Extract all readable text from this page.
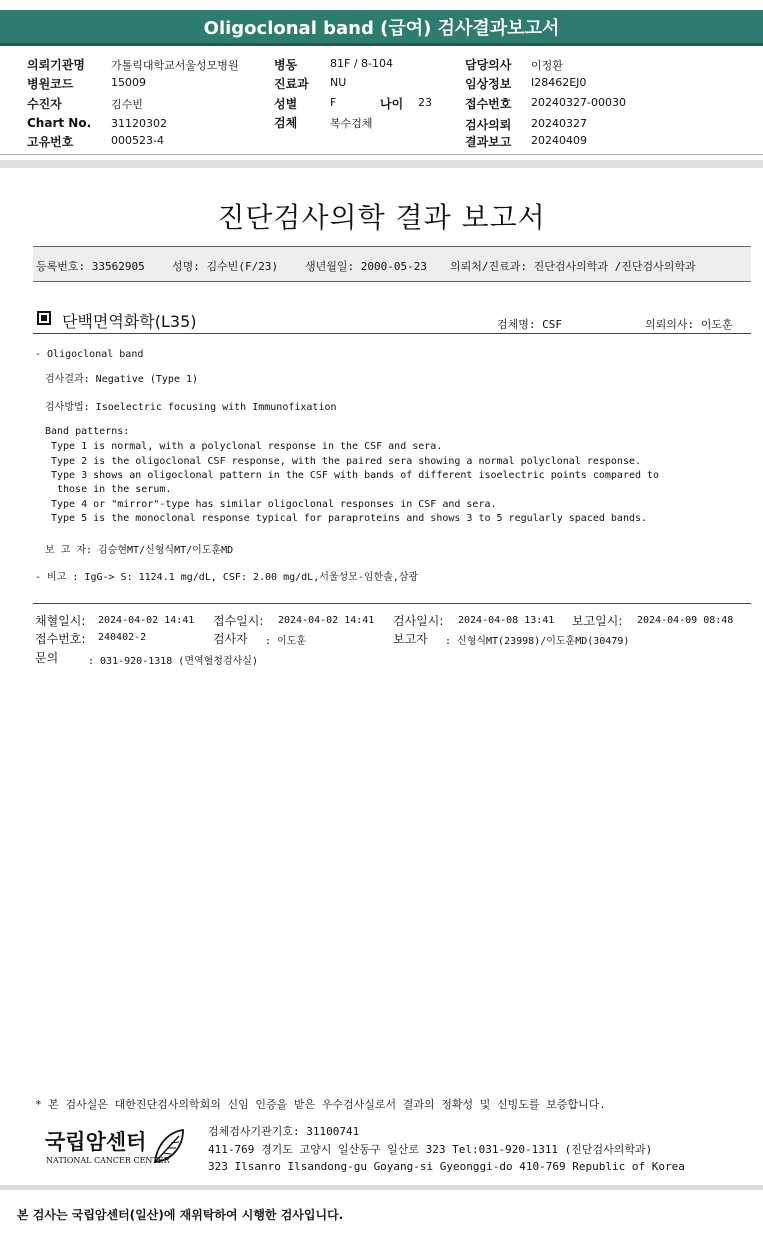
Oligoclonal band (급여) 검사결과보고서
의뢰기관명 가톨릭대학교서울성모병원	병동	81F / 8-104	담당의사 이정환
병원코드	15009	진료과 NU	임상정보 I28462EJ0
수진자	김수빈	성별	F	나이 23	접수번호 20240327-00030
Chart No. 31120302	검체	복수검체	검사의뢰 20240327
고유번호	000523-4	결과보고 20240409
진단검사의학 결과 보고서
등록번호: 33562905 성명: 김수빈(F/23) 생년월일: 2000-05-23 의뢰처/진료과: 진단검사의학과 /진단검사의학과
단백면역화학(L35)	검체명: CSF	의뢰의사: 이도훈
- Oligoclonal band
검사결과: Negative (Type 1)
검사방법: Isoelectric focusing with Immunofixation
Band patterns:
Type 1 is normal, with a polyclonal response in the CSF and sera.
Type 2 is the oligoclonal CSF response, with the paired sera showing a normal polyclonal response.
Type 3 shows an oligoclonal pattern in the CSF with bands of different isoelectric points compared to
those in the serum.
Type 4 or "mirror"-type has similar oligoclonal responses in CSF and sera.
Type 5 is the monoclonal response typical for paraproteins and shows 3 to 5 regularly spaced bands.
보 고 자: 김승현MT/신형식MT/이도훈MD
- 비고 : IgG-> S: 1124.1 mg/dL, CSF: 2.00 mg/dL,서울성모-임한솔,삼광
채혈일시: 2024-04-02 14:41 접수일시: 2024-04-02 14:41 검사일시: 2024-04-08 13:41 보고일시: 2024-04-09 08:48
접수번호: 240402-2	검사자 : 이도훈	보고자 : 신형식MT(23998)/이도훈MD(30479)
문의	: 031-920-1318 (면역혈청검사실)
* 본 검사실은 대한진단검사의학회의 신임 인증을 받은 우수검사실로서 결과의 정확성 및 신빙도를 보증합니다.
국립암센터
NATIONAL CANCER CENTER
검체검사기관기호: 31100741
411-769 경기도 고양시 일산동구 일산로 323 Tel:031-920-1311 (진단검사의학과)
323 Ilsanro Ilsandong-gu Goyang-si Gyeonggi-do 410-769 Republic of Korea
본 검사는 국립암센터(일산)에 재위탁하여 시행한 검사입니다.
